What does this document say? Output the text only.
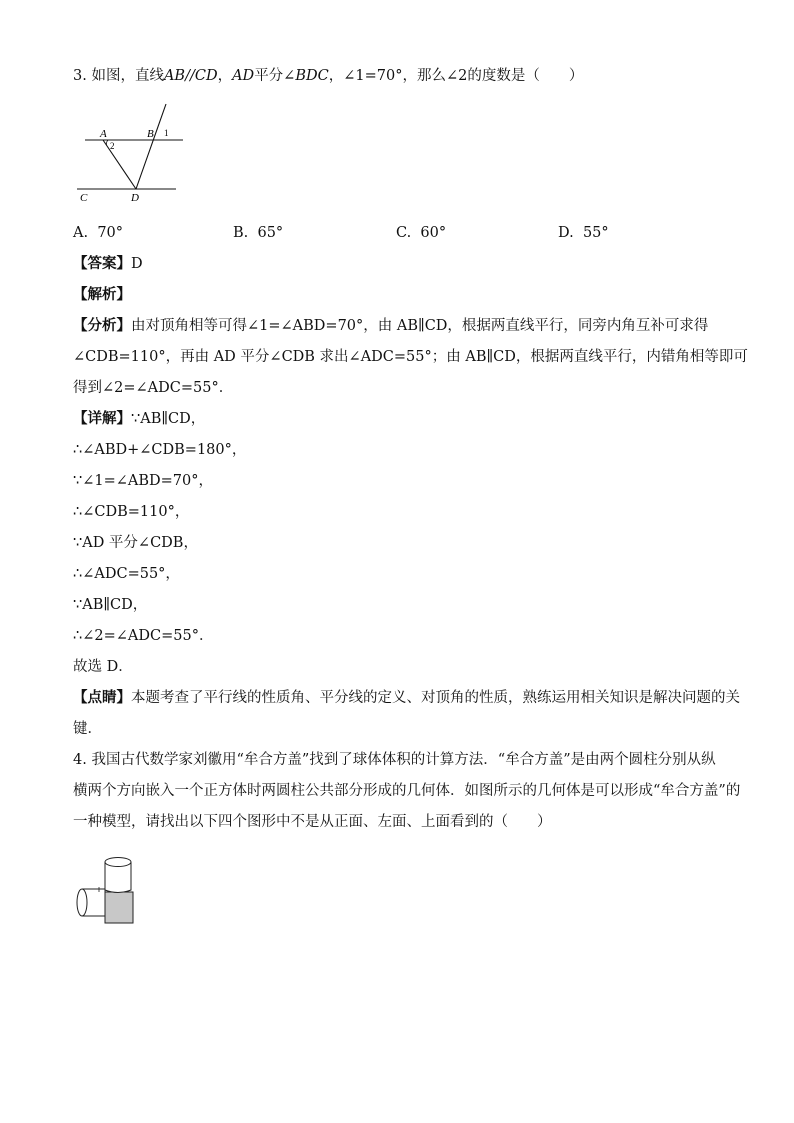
3. 如图，直线AB//CD，AD平分∠BDC，∠1=70°，那么∠2的度数是（　　）
A	B 1
2
C	D
A. 70°	B. 65°	C. 60°	D. 55°
【答案】D
【解析】
【分析】由对顶角相等可得∠1=∠ABD=70°，由 AB∥CD，根据两直线平行，同旁内角互补可求得
∠CDB=110°，再由 AD 平分∠CDB 求出∠ADC=55°；由 AB∥CD，根据两直线平行，内错角相等即可
得到∠2=∠ADC=55°．
【详解】∵AB∥CD，
∴∠ABD+∠CDB=180°，
∵∠1=∠ABD=70°，
∴∠CDB=110°，
∵AD 平分∠CDB，
∴∠ADC=55°，
∵AB∥CD，
∴∠2=∠ADC=55°．
故选 D．
【点睛】本题考查了平行线的性质角、平分线的定义、对顶角的性质，熟练运用相关知识是解决问题的关
键．
4. 我国古代数学家刘徽用“牟合方盖”找到了球体体积的计算方法．“牟合方盖”是由两个圆柱分别从纵
横两个方向嵌入一个正方体时两圆柱公共部分形成的几何体．如图所示的几何体是可以形成“牟合方盖”的
一种模型，请找出以下四个图形中不是从正面、左面、上面看到的（　　）
